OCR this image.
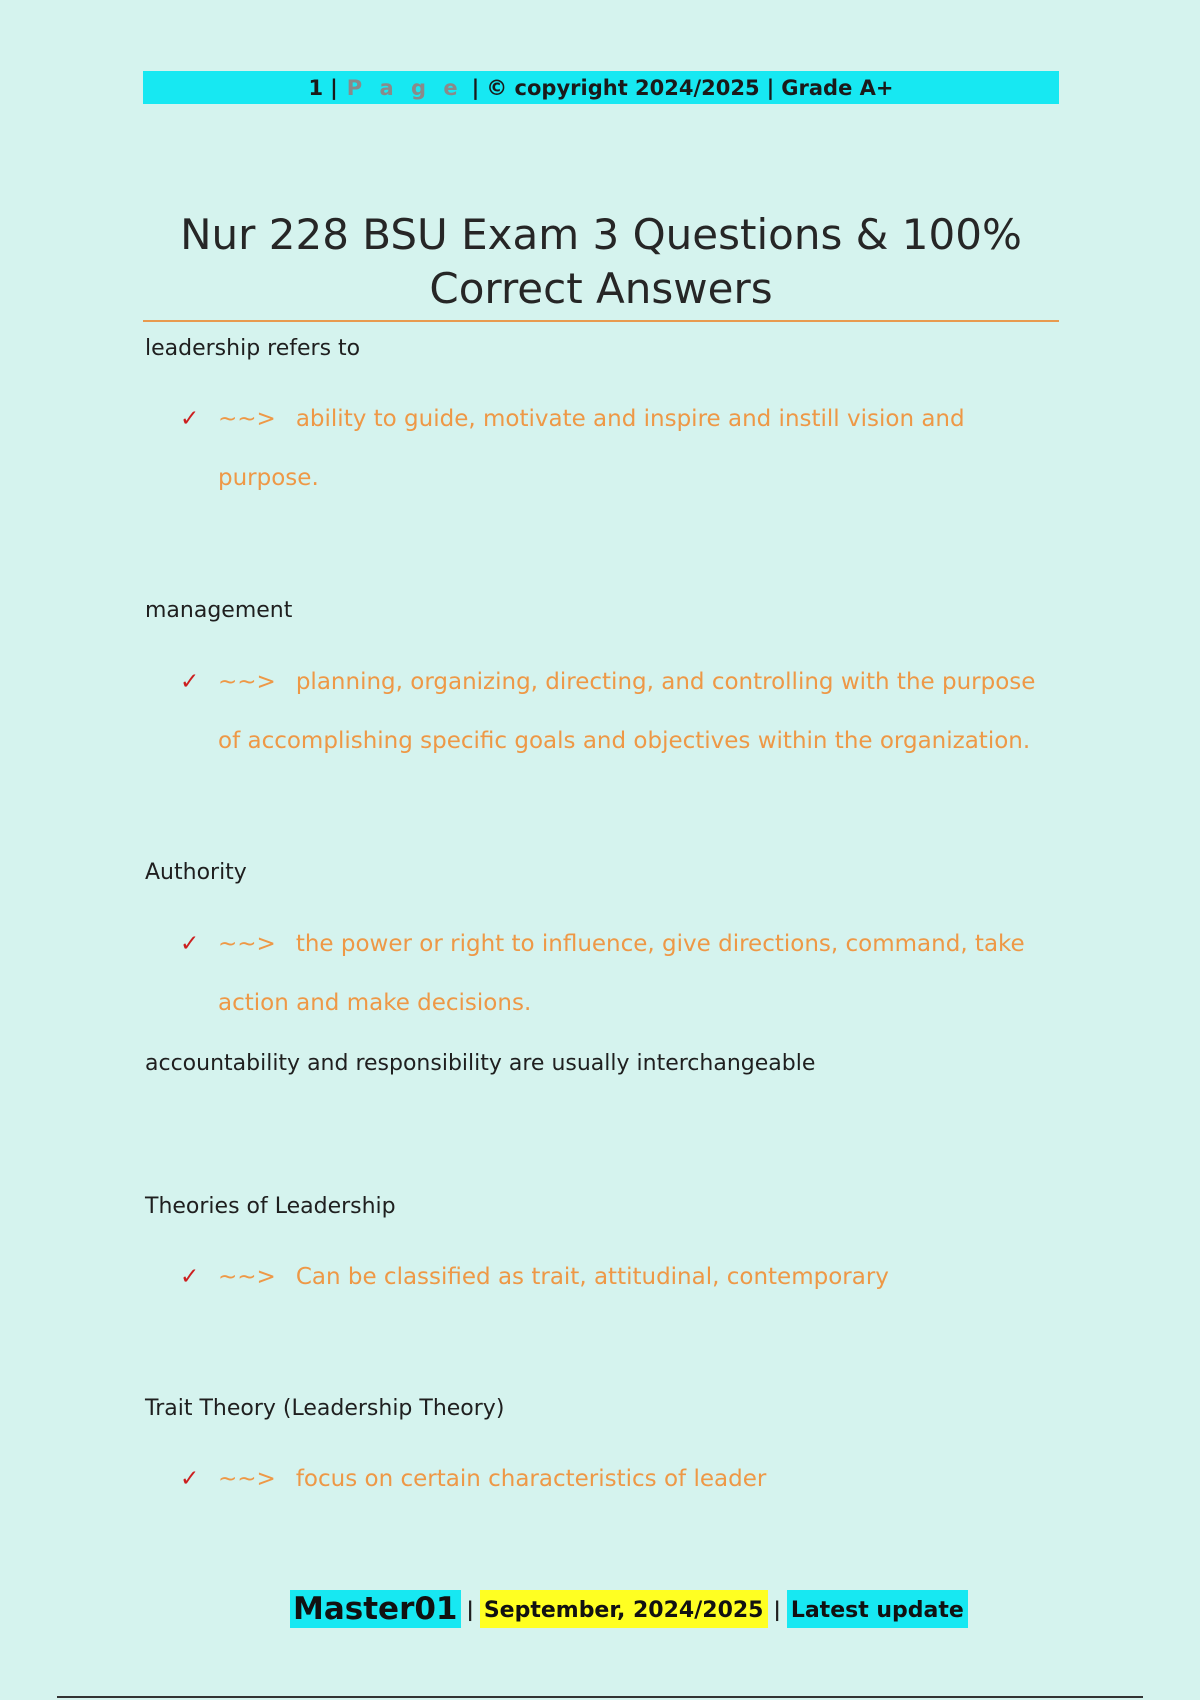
1 | P a g e | © copyright 2024/2025 | Grade A+
Nur 228 BSU Exam 3 Questions & 100%
Correct Answers
leadership refers to
✓ ~~> ability to guide, motivate and inspire and instill vision and
purpose.
management
✓ ~~> planning, organizing, directing, and controlling with the purpose
of accomplishing specific goals and objectives within the organization.
Authority
✓ ~~> the power or right to influence, give directions, command, take
action and make decisions.
accountability and responsibility are usually interchangeable
Theories of Leadership
✓ ~~> Can be classified as trait, attitudinal, contemporary
Trait Theory (Leadership Theory)
✓ ~~> focus on certain characteristics of leader
Master01 | September, 2024/2025 | Latest update
